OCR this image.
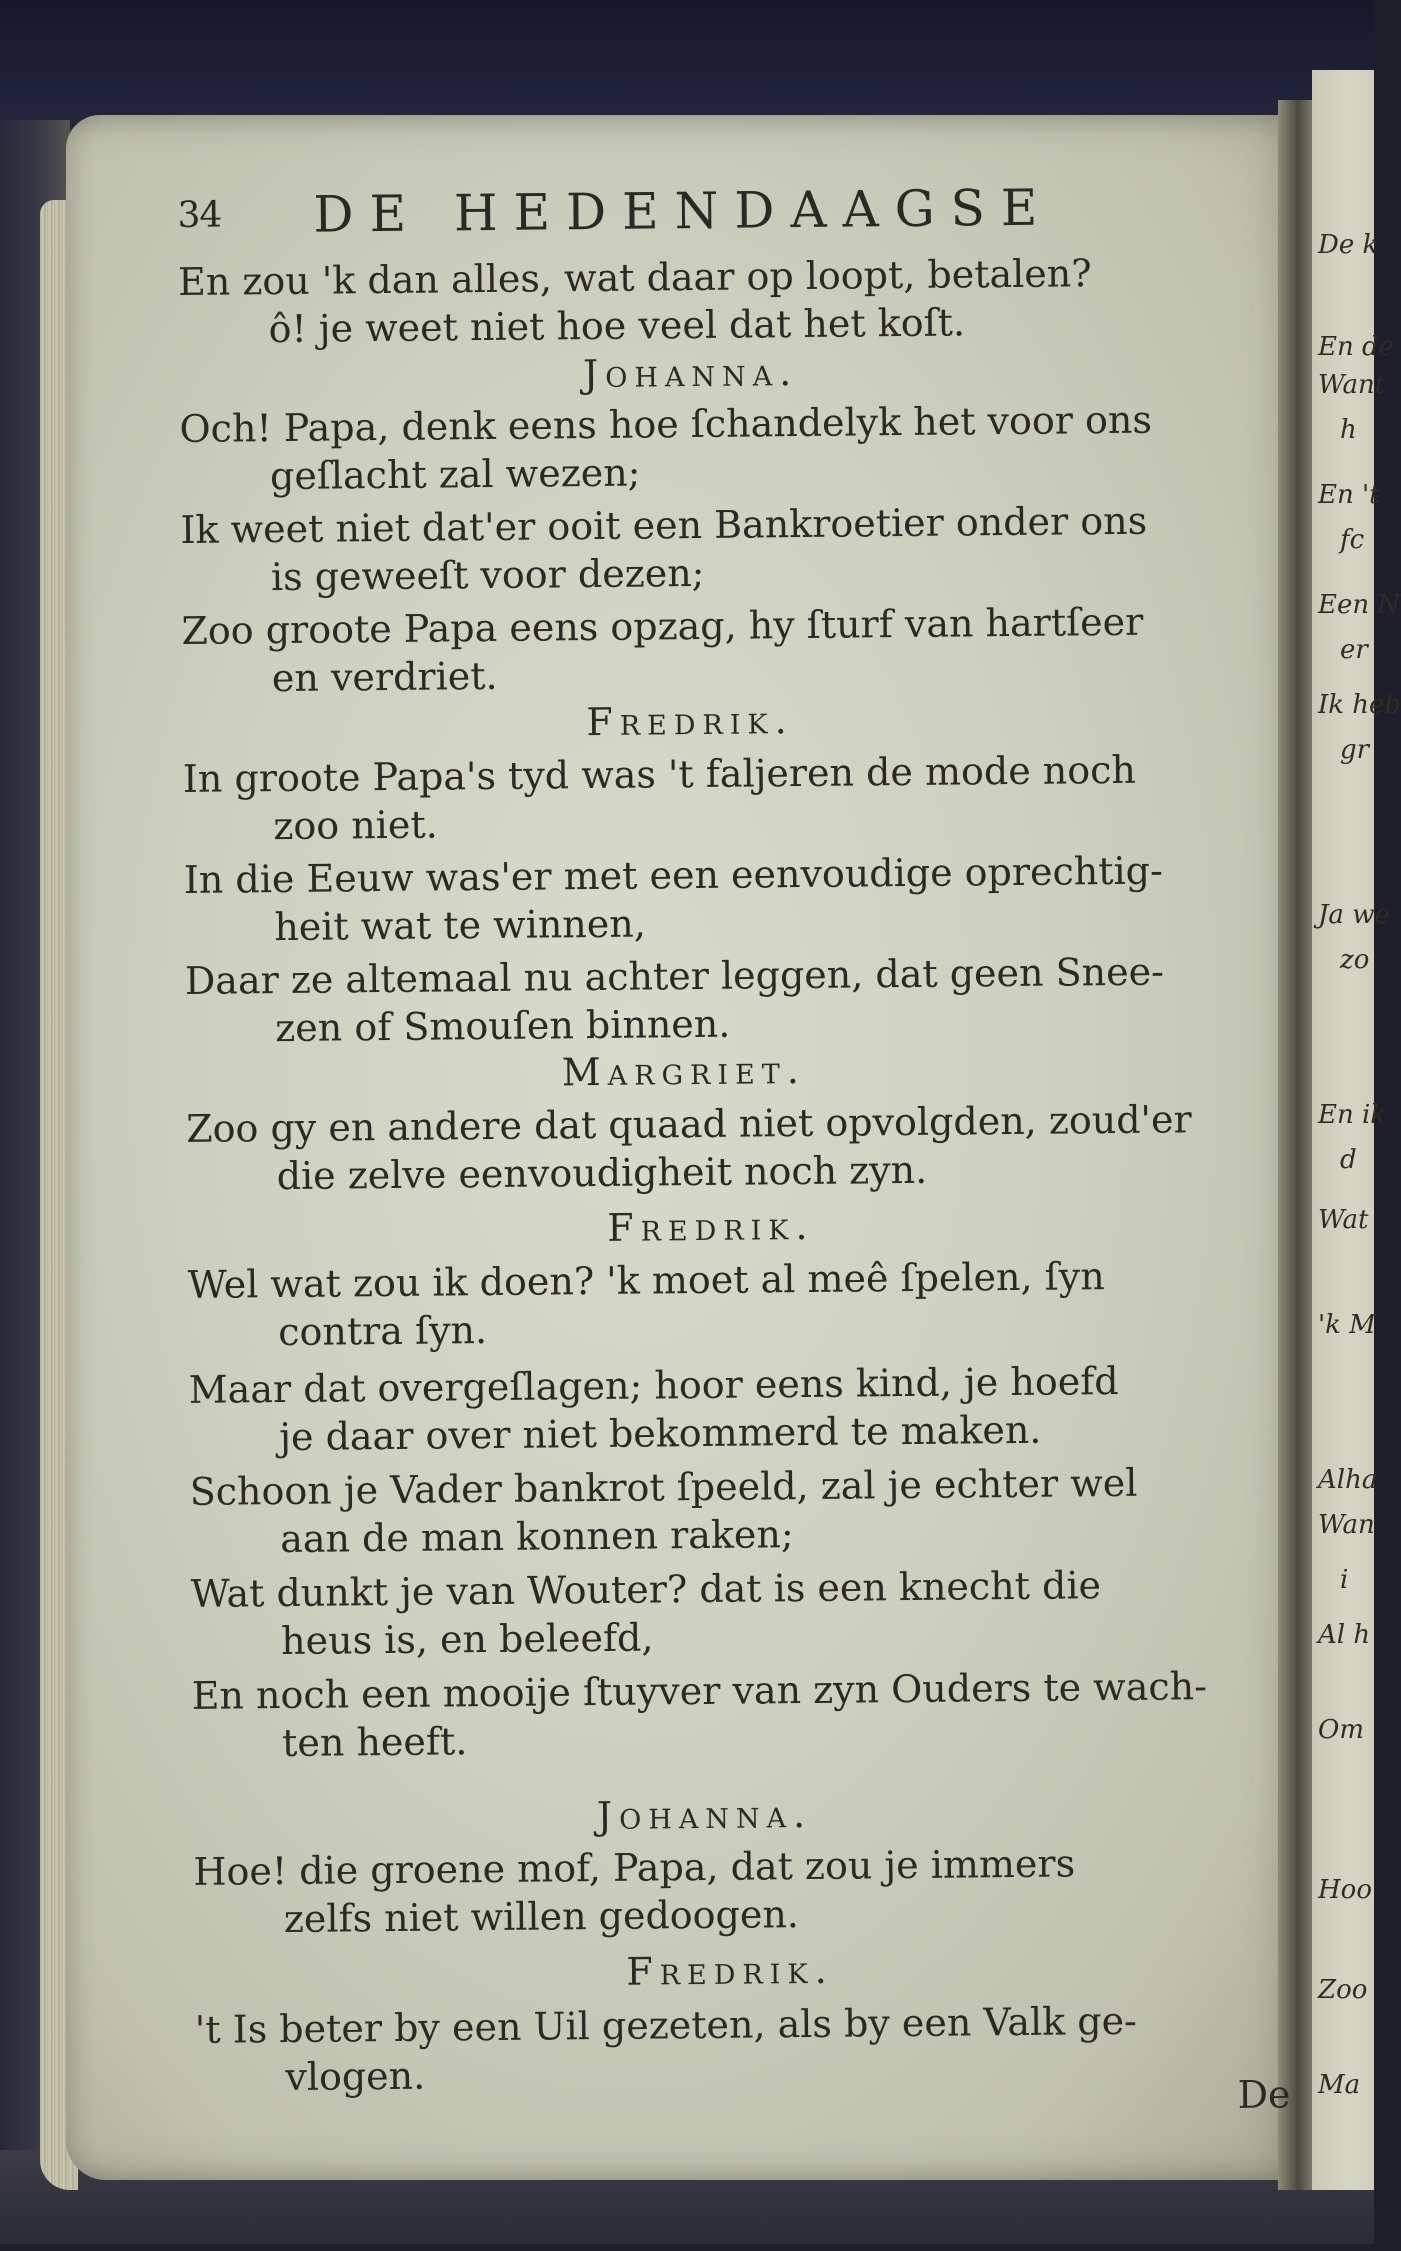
De k
En de
Want
h
En 't
fc
Een N
er
Ik heb
gr
Ja we
zo
En ik
d
Wat
'k M
Alha
Wan
i
Al h
Om
Hoo
Zoo
Ma
34 DE HEDENDAAGSE
En zou 'k dan alles, wat daar op loopt, betalen?
ô! je weet niet hoe veel dat het koſt.
Johanna.
Och! Papa, denk eens hoe ſchandelyk het voor ons
geſlacht zal wezen;
Ik weet niet dat'er ooit een Bankroetier onder ons
is geweeſt voor dezen;
Zoo groote Papa eens opzag, hy ſturf van hartſeer
en verdriet.
Fredrik.
In groote Papa's tyd was 't faljeren de mode noch
zoo niet.
In die Eeuw was'er met een eenvoudige oprechtig-
heit wat te winnen,
Daar ze altemaal nu achter leggen, dat geen Snee-
zen of Smouſen binnen.
Margriet.
Zoo gy en andere dat quaad niet opvolgden, zoud'er
die zelve eenvoudigheit noch zyn.
Fredrik.
Wel wat zou ik doen? 'k moet al meê ſpelen, ſyn
contra ſyn.
Maar dat overgeſlagen; hoor eens kind, je hoefd
je daar over niet bekommerd te maken.
Schoon je Vader bankrot ſpeeld, zal je echter wel
aan de man konnen raken;
Wat dunkt je van Wouter? dat is een knecht die
heus is, en beleefd,
En noch een mooije ſtuyver van zyn Ouders te wach-
ten heeft.
Johanna.
Hoe! die groene mof, Papa, dat zou je immers
zelfs niet willen gedoogen.
Fredrik.
't Is beter by een Uil gezeten, als by een Valk ge-
vlogen.	De
